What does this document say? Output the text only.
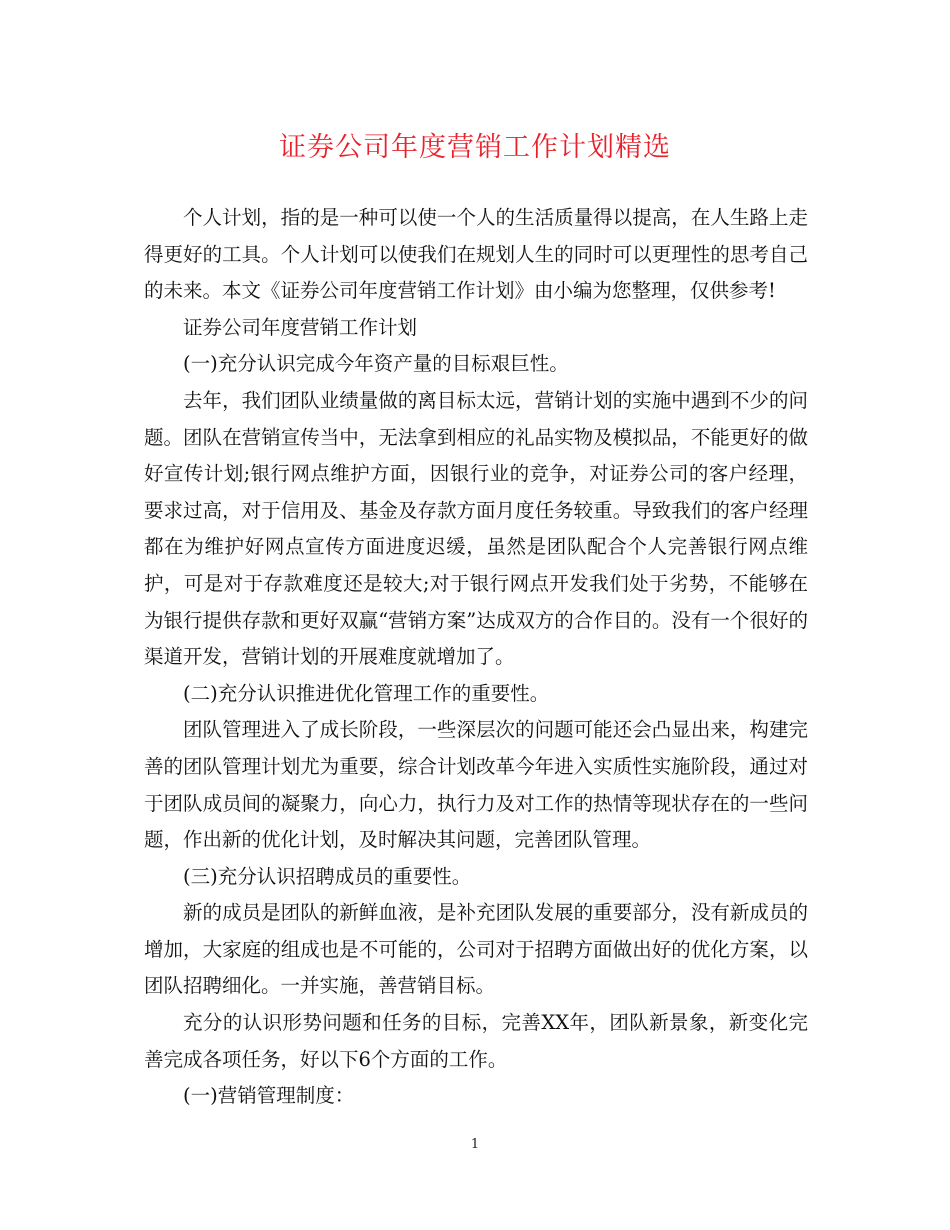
证券公司年度营销工作计划精选

个人计划，指的是一种可以使一个人的生活质量得以提高，在人生路上走得更好的工具。个人计划可以使我们在规划人生的同时可以更理性的思考自己的未来。本文《证券公司年度营销工作计划》由小编为您整理，仅供参考!

证券公司年度营销工作计划

(一)充分认识完成今年资产量的目标艰巨性。

去年，我们团队业绩量做的离目标太远，营销计划的实施中遇到不少的问题。团队在营销宣传当中，无法拿到相应的礼品实物及模拟品，不能更好的做好宣传计划;银行网点维护方面，因银行业的竞争，对证券公司的客户经理，要求过高，对于信用及、基金及存款方面月度任务较重。导致我们的客户经理都在为维护好网点宣传方面进度迟缓，虽然是团队配合个人完善银行网点维护，可是对于存款难度还是较大;对于银行网点开发我们处于劣势，不能够在为银行提供存款和更好双赢“营销方案”达成双方的合作目的。没有一个很好的渠道开发，营销计划的开展难度就增加了。

(二)充分认识推进优化管理工作的重要性。

团队管理进入了成长阶段，一些深层次的问题可能还会凸显出来，构建完善的团队管理计划尤为重要，综合计划改革今年进入实质性实施阶段，通过对于团队成员间的凝聚力，向心力，执行力及对工作的热情等现状存在的一些问题，作出新的优化计划，及时解决其问题，完善团队管理。

(三)充分认识招聘成员的重要性。

新的成员是团队的新鲜血液，是补充团队发展的重要部分，没有新成员的增加，大家庭的组成也是不可能的，公司对于招聘方面做出好的优化方案，以团队招聘细化。一并实施，善营销目标。

充分的认识形势问题和任务的目标，完善XX年，团队新景象，新变化完善完成各项任务，好以下6个方面的工作。

(一)营销管理制度：

1
